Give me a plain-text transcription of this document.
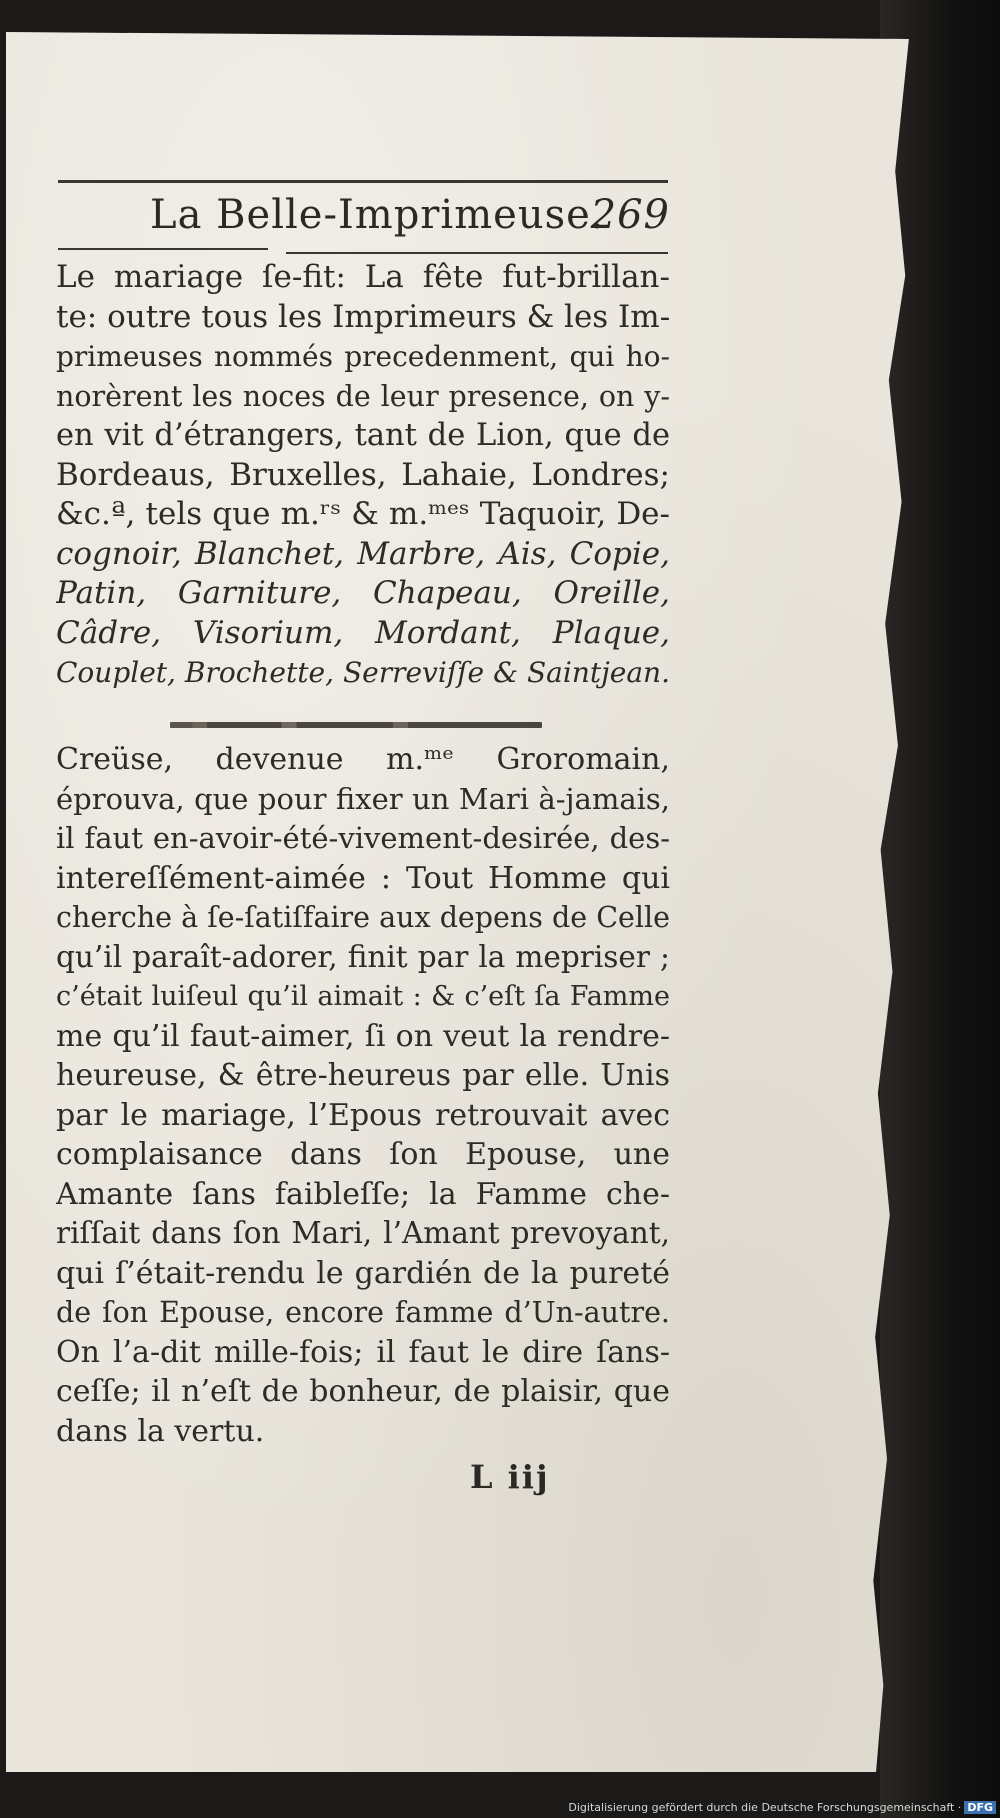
La Belle-Imprimeuse.
269
Le mariage ſe-fit: La fête fut-brillan-
te: outre tous les Imprimeurs & les Im-
primeuses nommés precedenment, qui ho-
norèrent les noces de leur presence, on y-
en vit d’étrangers, tant de Lion, que de
Bordeaus, Bruxelles, Lahaie, Londres;
&c.ª, tels que m.ʳˢ & m.ᵐᵉˢ Taquoir, De-
cognoir, Blanchet, Marbre, Ais, Copie,
Patin, Garniture, Chapeau, Oreille,
Câdre, Visorium, Mordant, Plaque,
Couplet, Brochette, Serreviſſe & Saintjean.
Creüse, devenue m.ᵐᵉ Groromain,
éprouva, que pour fixer un Mari à-jamais,
il faut en-avoir-été-vivement-desirée, des-
intereſſément-aimée : Tout Homme qui
cherche à ſe-ſatiſfaire aux depens de Celle
qu’il paraît-adorer, finit par la mepriser ;
c’était luiſeul qu’il aimait : & c’eſt ſa Famme
me qu’il faut-aimer, ſi on veut la rendre-
heureuse, & être-heureus par elle. Unis
par le mariage, l’Epous retrouvait avec
complaisance dans ſon Epouse, une
Amante ſans faibleſſe; la Famme che-
riſſait dans ſon Mari, l’Amant prevoyant,
qui ſ’était-rendu le gardién de la pureté
de ſon Epouse, encore famme d’Un-autre.
On l’a-dit mille-fois; il faut le dire ſans-
ceſſe; il n’eſt de bonheur, de plaisir, que
dans la vertu.
L iij
Digitalisierung gefördert durch die Deutsche Forschungsgemeinschaft · DFG
